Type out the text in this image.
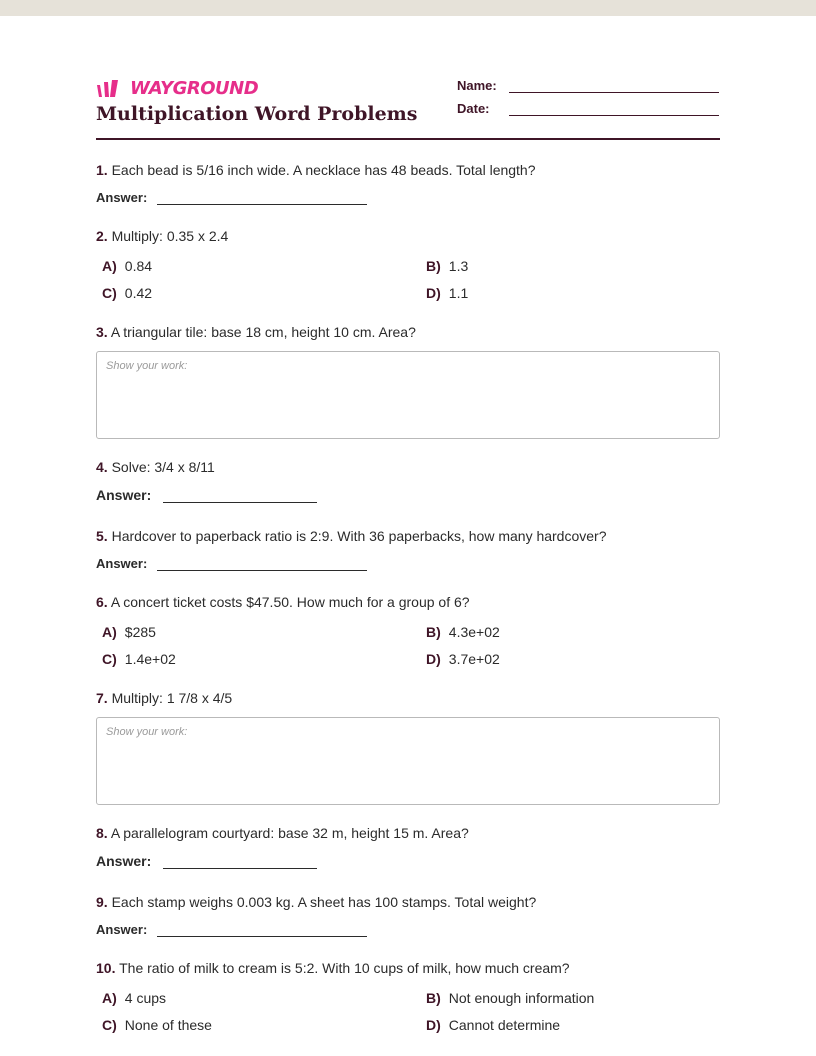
WAYGROUND
Multiplication Word Problems
Name:
Date:
1. Each bead is 5/16 inch wide. A necklace has 48 beads. Total length?
Answer:
2. Multiply: 0.35 x 2.4
A) 0.84	B) 1.3
C) 0.42	D) 1.1
3. A triangular tile: base 18 cm, height 10 cm. Area?
Show your work:
4. Solve: 3/4 x 8/11
Answer:
5. Hardcover to paperback ratio is 2:9. With 36 paperbacks, how many hardcover?
Answer:
6. A concert ticket costs $47.50. How much for a group of 6?
A) $285	B) 4.3e+02
C) 1.4e+02	D) 3.7e+02
7. Multiply: 1 7/8 x 4/5
Show your work:
8. A parallelogram courtyard: base 32 m, height 15 m. Area?
Answer:
9. Each stamp weighs 0.003 kg. A sheet has 100 stamps. Total weight?
Answer:
10. The ratio of milk to cream is 5:2. With 10 cups of milk, how much cream?
A) 4 cups	B) Not enough information
C) None of these	D) Cannot determine
